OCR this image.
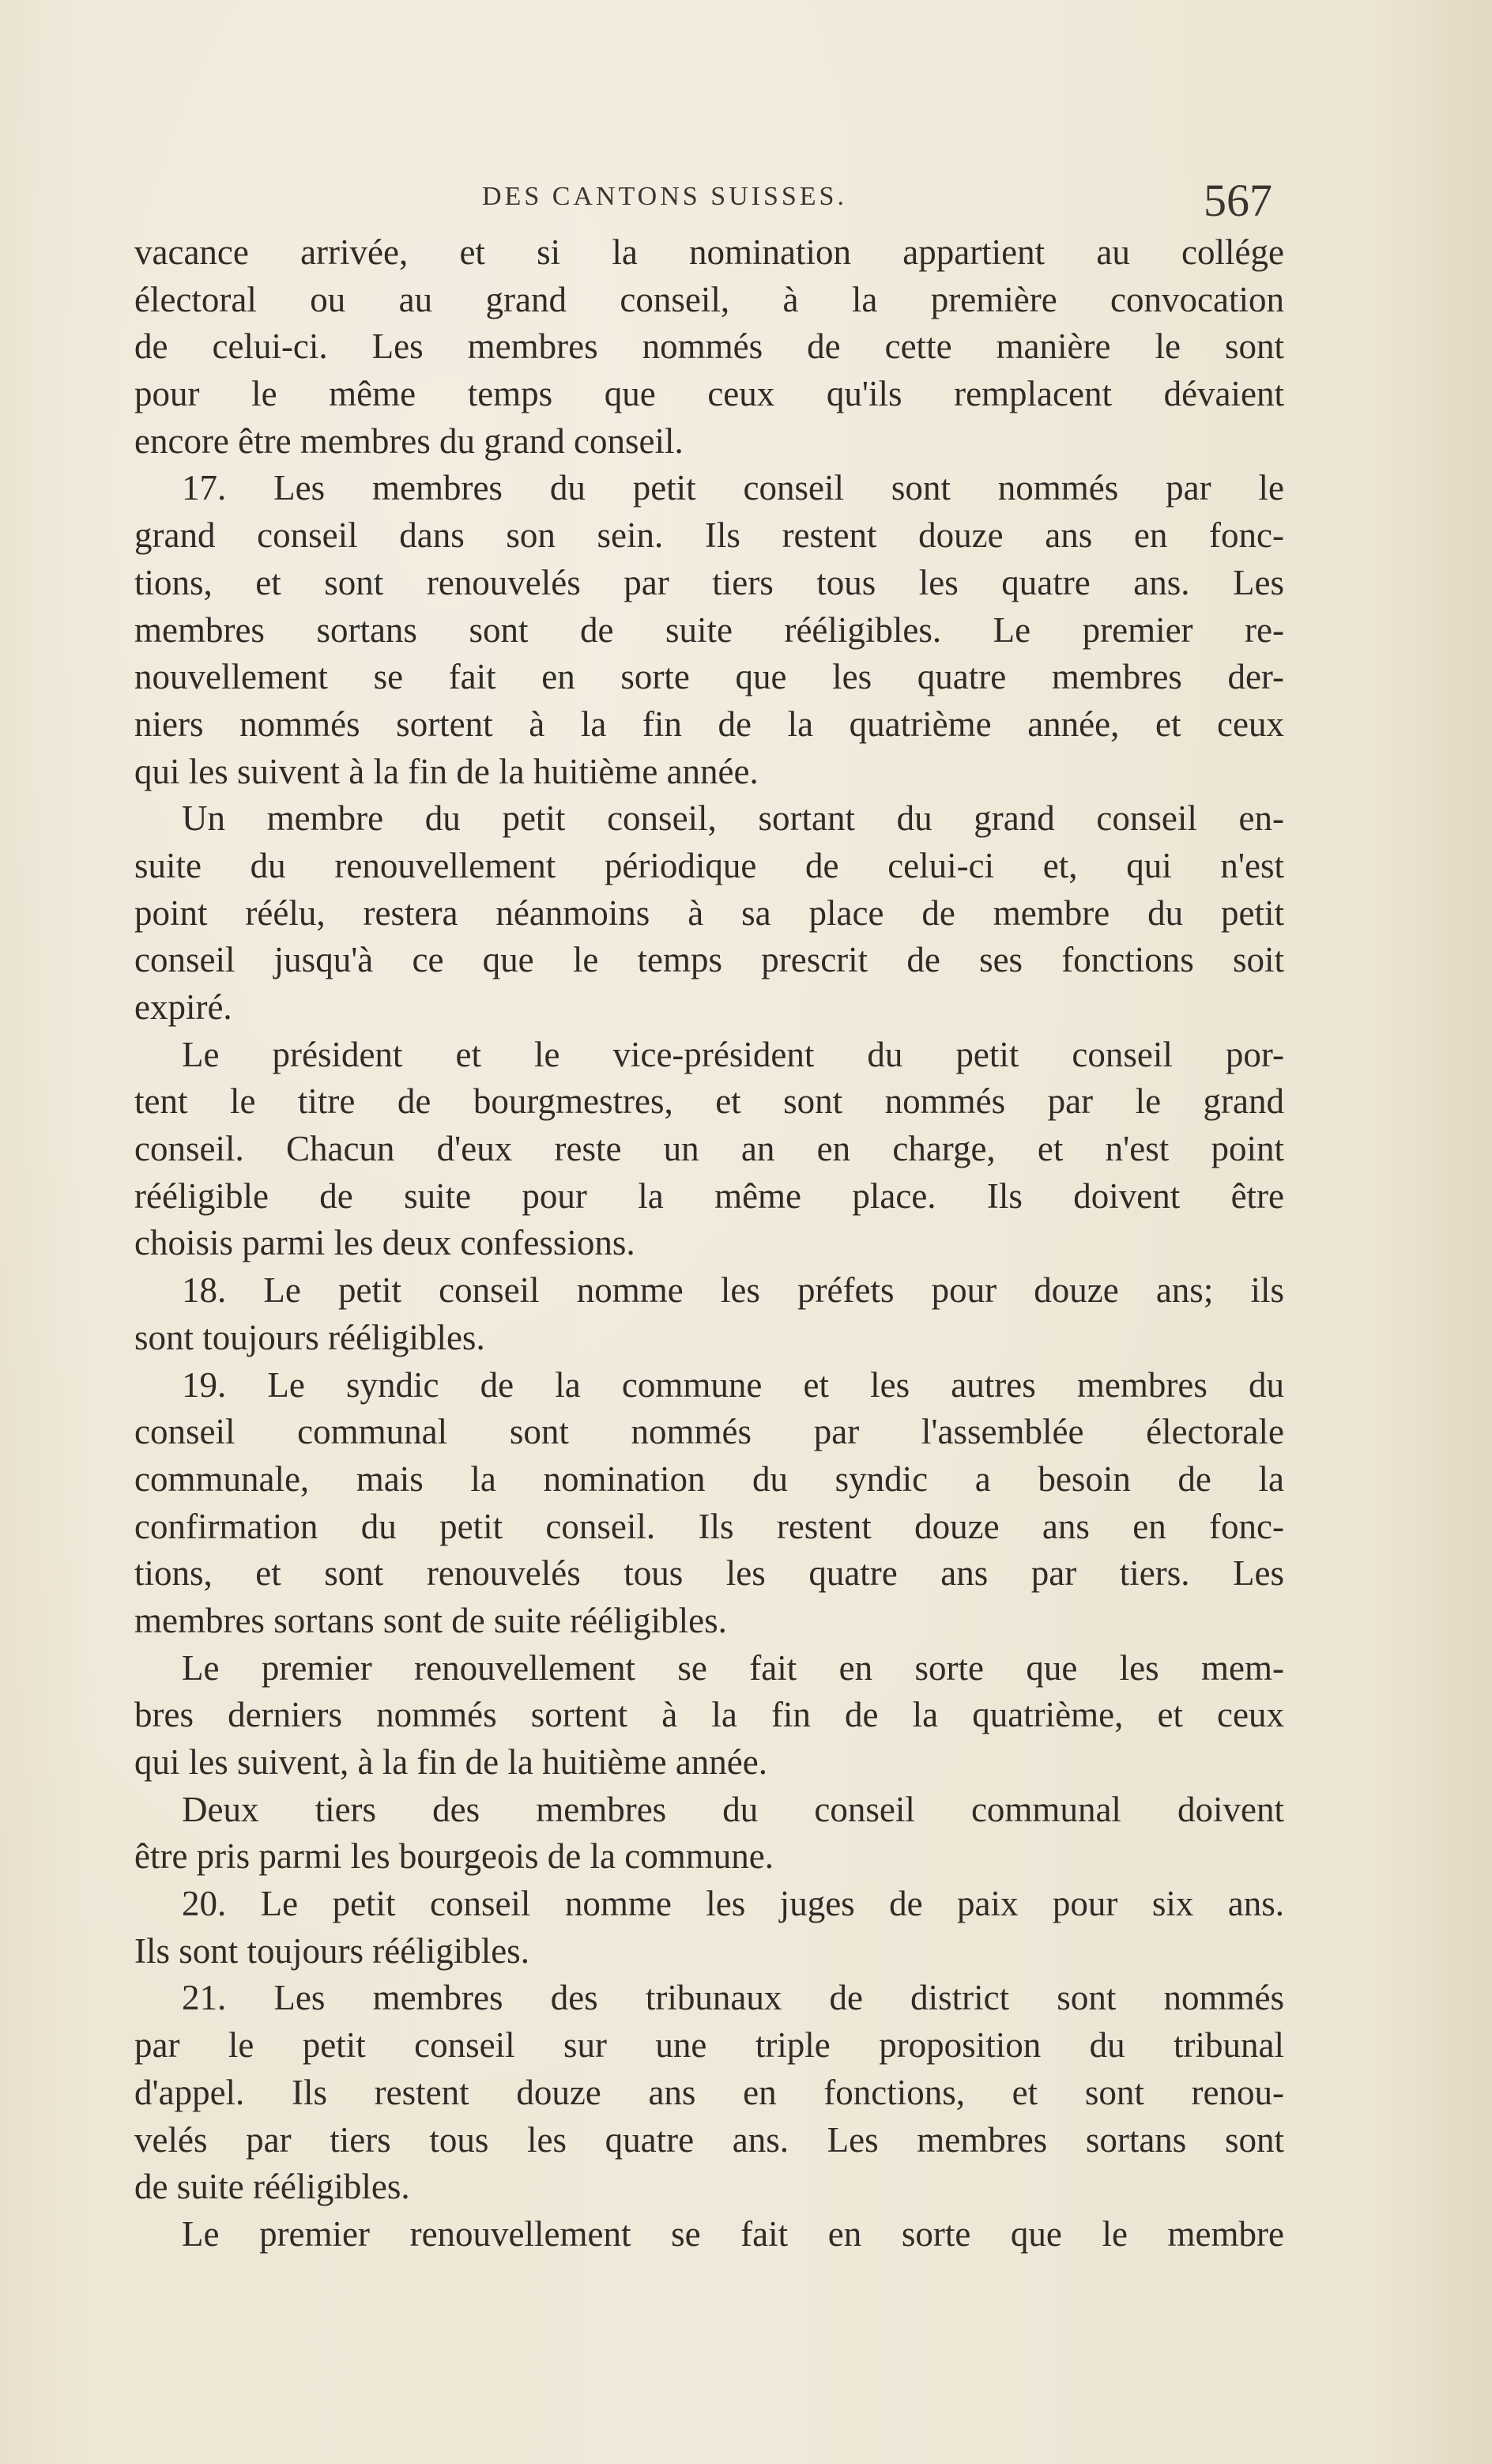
DES CANTONS SUISSES.	567
vacance arrivée, et si la nomination appartient au collége
électoral ou au grand conseil, à la première convocation
de celui-ci. Les membres nommés de cette manière le sont
pour le même temps que ceux qu'ils remplacent dévaient
encore être membres du grand conseil.
17. Les membres du petit conseil sont nommés par le
grand conseil dans son sein. Ils restent douze ans en fonc-
tions, et sont renouvelés par tiers tous les quatre ans. Les
membres sortans sont de suite rééligibles. Le premier re-
nouvellement se fait en sorte que les quatre membres der-
niers nommés sortent à la fin de la quatrième année, et ceux
qui les suivent à la fin de la huitième année.
Un membre du petit conseil, sortant du grand conseil en-
suite du renouvellement périodique de celui-ci et, qui n'est
point réélu, restera néanmoins à sa place de membre du petit
conseil jusqu'à ce que le temps prescrit de ses fonctions soit
expiré.
Le président et le vice-président du petit conseil por-
tent le titre de bourgmestres, et sont nommés par le grand
conseil. Chacun d'eux reste un an en charge, et n'est point
rééligible de suite pour la même place. Ils doivent être
choisis parmi les deux confessions.
18. Le petit conseil nomme les préfets pour douze ans; ils
sont toujours rééligibles.
19. Le syndic de la commune et les autres membres du
conseil communal sont nommés par l'assemblée électorale
communale, mais la nomination du syndic a besoin de la
confirmation du petit conseil. Ils restent douze ans en fonc-
tions, et sont renouvelés tous les quatre ans par tiers. Les
membres sortans sont de suite rééligibles.
Le premier renouvellement se fait en sorte que les mem-
bres derniers nommés sortent à la fin de la quatrième, et ceux
qui les suivent, à la fin de la huitième année.
Deux tiers des membres du conseil communal doivent
être pris parmi les bourgeois de la commune.
20. Le petit conseil nomme les juges de paix pour six ans.
Ils sont toujours rééligibles.
21. Les membres des tribunaux de district sont nommés
par le petit conseil sur une triple proposition du tribunal
d'appel. Ils restent douze ans en fonctions, et sont renou-
velés par tiers tous les quatre ans. Les membres sortans sont
de suite rééligibles.
Le premier renouvellement se fait en sorte que le membre
